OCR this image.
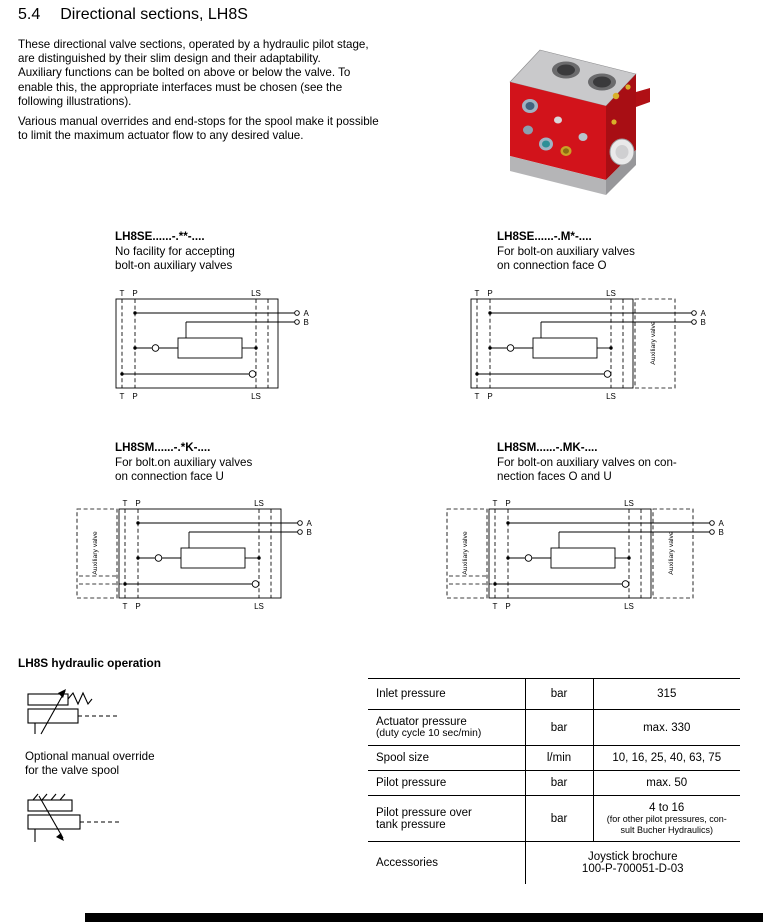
5.4 Directional sections, LH8S

These directional valve sections, operated by a hydraulic pilot stage, are distinguished by their slim design and their adaptability.

Auxiliary functions can be bolted on above or below the valve. To enable this, the appropriate interfaces must be chosen (see the following illustrations).

Various manual overrides and end-stops for the spool make it possible to limit the maximum actuator flow to any desired value.

LH8SE......-.**-....
No facility for accepting
bolt-on auxiliary valves
LH8SE......-.M*-....
For bolt-on auxiliary valves
on connection face O
T P	LS
T P	LS
A
B
T P	LS
T P	LS
Auxiliary valve
A
B
LH8SM......-.*K-....
For bolt.on auxiliary valves
on connection face U
LH8SM......-.MK-....
For bolt-on auxiliary valves on con-
nection faces O and U
Auxiliary valve
T P	LS
T P	LS
A
B	Auxiliary valve
T P	LS
T P	LS
Auxiliary valve
A
B
LH8S hydraulic operation
Optional manual override
for the valve spool
Inlet pressure	bar	315

Actuator pressure
(duty cycle 10 sec/min)	bar	max. 330
Spool size	l/min	10, 16, 25, 40, 63, 75
Pilot pressure	bar	max. 50

Pilot pressure over
tank pressure	bar	
4 to 16
(for other pilot pressures, con-
sult Bucher Hydraulics)

Accessories	Joystick brochure
100-P-700051-D-03	
